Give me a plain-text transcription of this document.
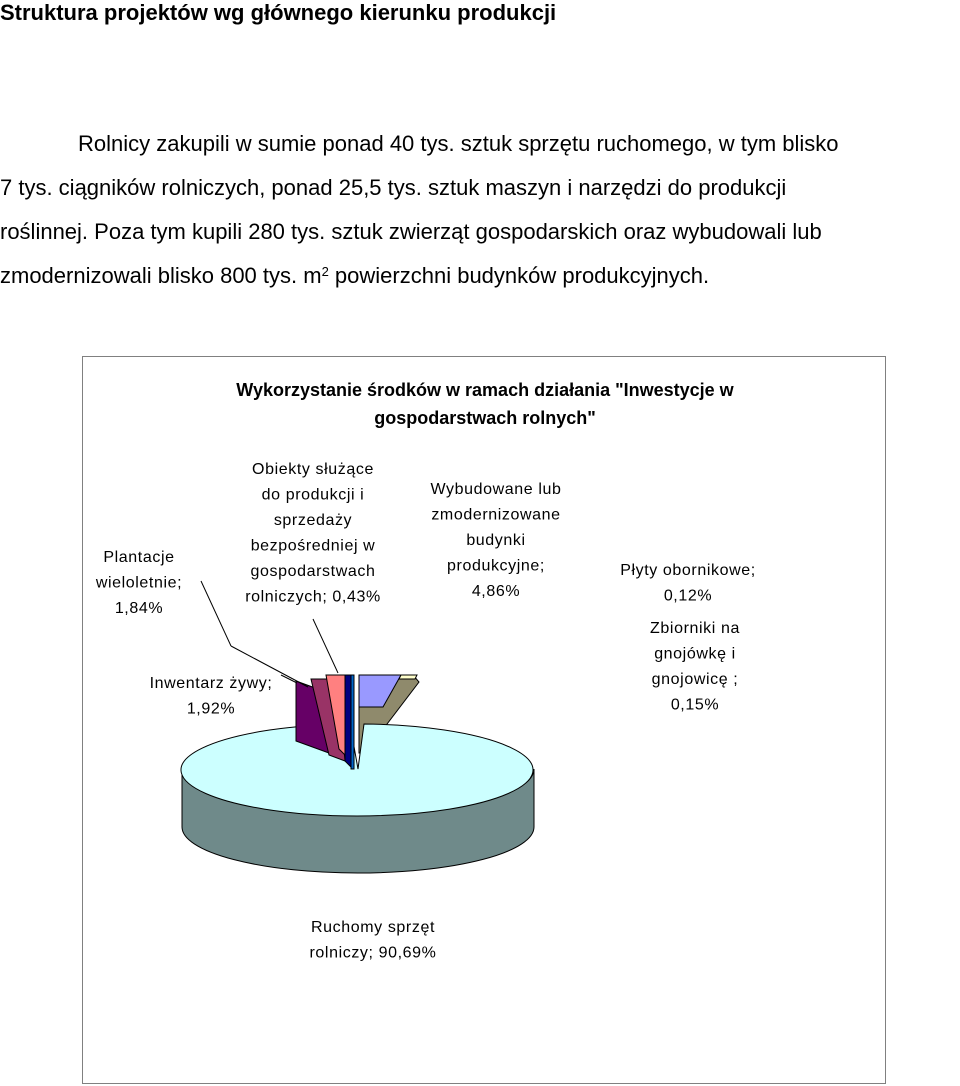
Struktura projektów wg głównego kierunku produkcji

Rolnicy zakupili w sumie ponad 40 tys. sztuk sprzętu ruchomego, w tym blisko
7 tys. ciągników rolniczych, ponad 25,5 tys. sztuk maszyn i narzędzi do produkcji
roślinnej. Poza tym kupili 280 tys. sztuk zwierząt gospodarskich oraz wybudowali lub
zmodernizowali blisko 800 tys. $m^2$ powierzchni budynków produkcyjnych.

Wykorzystanie środków w ramach działania "Inwestycje w
gospodarstwach rolnych"
Plantacje
wieloletnie;
1,84%
Inwentarz żywy;
1,92%
Obiekty służące
do produkcji i
sprzedaży
bezpośredniej w
gospodarstwach
rolniczych; 0,43%
Wybudowane lub
zmodernizowane
budynki
produkcyjne;
4,86%
Płyty obornikowe;
0,12%
Zbiorniki na
gnojówkę i
gnojowicę ;
0,15%
Ruchomy sprzęt
rolniczy; 90,69%
